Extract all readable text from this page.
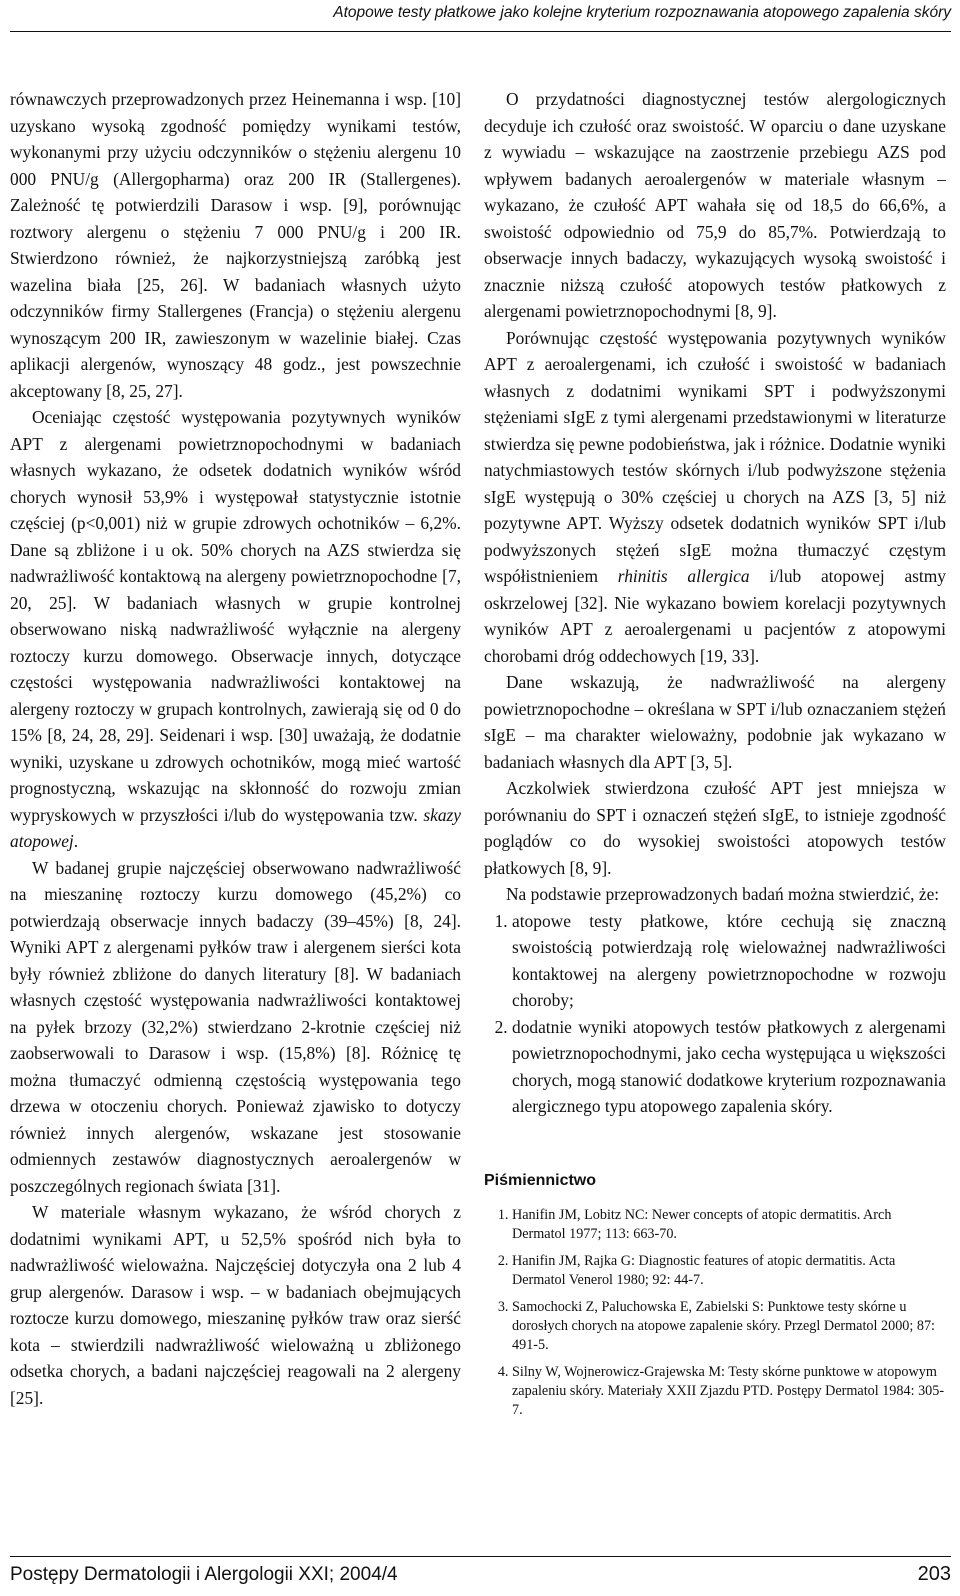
Atopowe testy płatkowe jako kolejne kryterium rozpoznawania atopowego zapalenia skóry

równawczych przeprowadzonych przez Heinemanna i wsp. [10] uzyskano wysoką zgodność pomiędzy wynikami testów, wykonanymi przy użyciu odczynników o stężeniu alergenu 10 000 PNU/g (Allergopharma) oraz 200 IR (Stallergenes). Zależność tę potwierdzili Darasow i wsp. [9], porównując roztwory alergenu o stężeniu 7 000 PNU/g i 200 IR. Stwierdzono również, że najkorzystniejszą zaróbką jest wazelina biała [25, 26]. W badaniach własnych użyto odczynników firmy Stallergenes (Francja) o stężeniu alergenu wynoszącym 200 IR, zawieszonym w wazelinie białej. Czas aplikacji alergenów, wynoszący 48 godz., jest powszechnie akceptowany [8, 25, 27].

Oceniając częstość występowania pozytywnych wyników APT z alergenami powietrznopochodnymi w badaniach własnych wykazano, że odsetek dodatnich wyników wśród chorych wynosił 53,9% i występował statystycznie istotnie częściej (p<0,001) niż w grupie zdrowych ochotników – 6,2%. Dane są zbliżone i u ok. 50% chorych na AZS stwierdza się nadwrażliwość kontaktową na alergeny powietrznopochodne [7, 20, 25]. W badaniach własnych w grupie kontrolnej obserwowano niską nadwrażliwość wyłącznie na alergeny roztoczy kurzu domowego. Obserwacje innych, dotyczące częstości występowania nadwrażliwości kontaktowej na alergeny roztoczy w grupach kontrolnych, zawierają się od 0 do 15% [8, 24, 28, 29]. Seidenari i wsp. [30] uważają, że dodatnie wyniki, uzyskane u zdrowych ochotników, mogą mieć wartość prognostyczną, wskazując na skłonność do rozwoju zmian wypryskowych w przyszłości i/lub do występowania tzw. skazy atopowej.

W badanej grupie najczęściej obserwowano nadwrażliwość na mieszaninę roztoczy kurzu domowego (45,2%) co potwierdzają obserwacje innych badaczy (39–45%) [8, 24]. Wyniki APT z alergenami pyłków traw i alergenem sierści kota były również zbliżone do danych literatury [8]. W badaniach własnych częstość występowania nadwrażliwości kontaktowej na pyłek brzozy (32,2%) stwierdzano 2-krotnie częściej niż zaobserwowali to Darasow i wsp. (15,8%) [8]. Różnicę tę można tłumaczyć odmienną częstością występowania tego drzewa w otoczeniu chorych. Ponieważ zjawisko to dotyczy również innych alergenów, wskazane jest stosowanie odmiennych zestawów diagnostycznych aeroalergenów w poszczególnych regionach świata [31].

W materiale własnym wykazano, że wśród chorych z dodatnimi wynikami APT, u 52,5% spośród nich była to nadwrażliwość wieloważna. Najczęściej dotyczyła ona 2 lub 4 grup alergenów. Darasow i wsp. – w badaniach obejmujących roztocze kurzu domowego, mieszaninę pyłków traw oraz sierść kota – stwierdzili nadwrażliwość wieloważną u zbliżonego odsetka chorych, a badani najczęściej reagowali na 2 alergeny [25].

O przydatności diagnostycznej testów alergologicznych decyduje ich czułość oraz swoistość. W oparciu o dane uzyskane z wywiadu – wskazujące na zaostrzenie przebiegu AZS pod wpływem badanych aeroalergenów w materiale własnym – wykazano, że czułość APT wahała się od 18,5 do 66,6%, a swoistość odpowiednio od 75,9 do 85,7%. Potwierdzają to obserwacje innych badaczy, wykazujących wysoką swoistość i znacznie niższą czułość atopowych testów płatkowych z alergenami powietrznopochodnymi [8, 9].

Porównując częstość występowania pozytywnych wyników APT z aeroalergenami, ich czułość i swoistość w badaniach własnych z dodatnimi wynikami SPT i podwyższonymi stężeniami sIgE z tymi alergenami przedstawionymi w literaturze stwierdza się pewne podobieństwa, jak i różnice. Dodatnie wyniki natychmiastowych testów skórnych i/lub podwyższone stężenia sIgE występują o 30% częściej u chorych na AZS [3, 5] niż pozytywne APT. Wyższy odsetek dodatnich wyników SPT i/lub podwyższonych stężeń sIgE można tłumaczyć częstym współistnieniem rhinitis allergica i/lub atopowej astmy oskrzelowej [32]. Nie wykazano bowiem korelacji pozytywnych wyników APT z aeroalergenami u pacjentów z atopowymi chorobami dróg oddechowych [19, 33].

Dane wskazują, że nadwrażliwość na alergeny powietrznopochodne – określana w SPT i/lub oznaczaniem stężeń sIgE – ma charakter wieloważny, podobnie jak wykazano w badaniach własnych dla APT [3, 5].

Aczkolwiek stwierdzona czułość APT jest mniejsza w porównaniu do SPT i oznaczeń stężeń sIgE, to istnieje zgodność poglądów co do wysokiej swoistości atopowych testów płatkowych [8, 9].

Na podstawie przeprowadzonych badań można stwierdzić, że:

1. atopowe testy płatkowe, które cechują się znaczną swoistością potwierdzają rolę wieloważnej nadwrażliwości kontaktowej na alergeny powietrznopochodne w rozwoju choroby;
2. dodatnie wyniki atopowych testów płatkowych z alergenami powietrznopochodnymi, jako cecha występująca u większości chorych, mogą stanowić dodatkowe kryterium rozpoznawania alergicznego typu atopowego zapalenia skóry.
Piśmiennictwo
1. Hanifin JM, Lobitz NC: Newer concepts of atopic dermatitis. Arch Dermatol 1977; 113: 663-70.
2. Hanifin JM, Rajka G: Diagnostic features of atopic dermatitis. Acta Dermatol Venerol 1980; 92: 44-7.
3. Samochocki Z, Paluchowska E, Zabielski S: Punktowe testy skórne u dorosłych chorych na atopowe zapalenie skóry. Przegl Dermatol 2000; 87: 491-5.
4. Silny W, Wojnerowicz-Grajewska M: Testy skórne punktowe w atopowym zapaleniu skóry. Materiały XXII Zjazdu PTD. Postępy Dermatol 1984: 305-7.
Postępy Dermatologii i Alergologii XXI; 2004/4	203
